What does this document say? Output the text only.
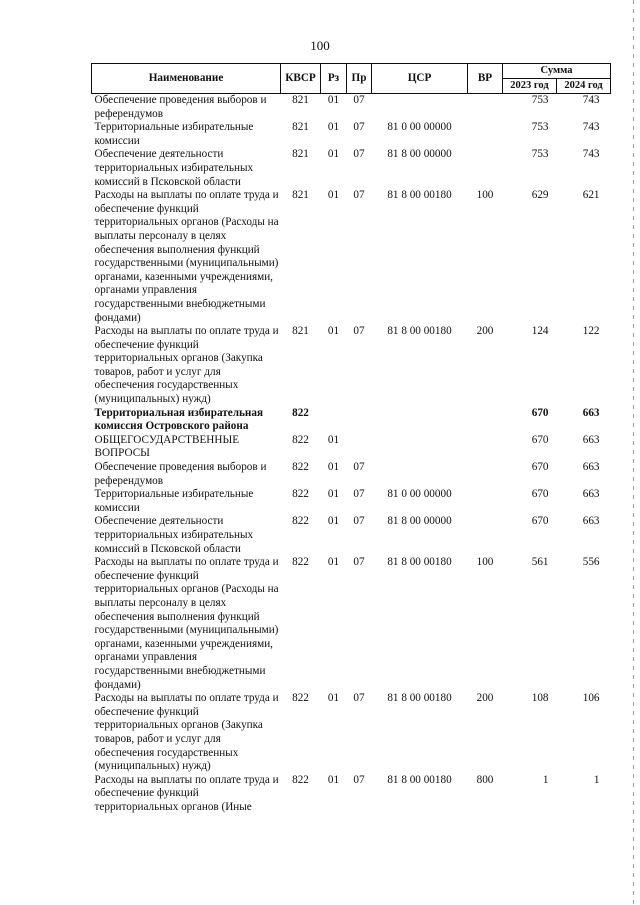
100
Наименование	КВСР	Рз	Пр	ЦСР	ВР	Сумма	
						2023 год	2024 год
Обеспечение проведения выборов и референдумов	821	01	07			753	743
Территориальные избирательные комиссии	821	01	07	81 0 00 00000		753	743
Обеспечение деятельности территориальных избирательных комиссий в Псковской области	821	01	07	81 8 00 00000		753	743
Расходы на выплаты по оплате труда и обеспечение функций территориальных органов (Расходы на выплаты персоналу в целях обеспечения выполнения функций государственными (муниципальными) органами, казенными учреждениями, органами управления государственными внебюджетными фондами)	821	01	07	81 8 00 00180	100	629	621
Расходы на выплаты по оплате труда и обеспечение функций территориальных органов (Закупка товаров, работ и услуг для обеспечения государственных (муниципальных) нужд)	821	01	07	81 8 00 00180	200	124	122
Территориальная избирательная комиссия Островского района	822					670	663
ОБЩЕГОСУДАРСТВЕННЫЕ ВОПРОСЫ	822	01				670	663
Обеспечение проведения выборов и референдумов	822	01	07			670	663
Территориальные избирательные комиссии	822	01	07	81 0 00 00000		670	663
Обеспечение деятельности территориальных избирательных комиссий в Псковской области	822	01	07	81 8 00 00000		670	663
Расходы на выплаты по оплате труда и обеспечение функций территориальных органов (Расходы на выплаты персоналу в целях обеспечения выполнения функций государственными (муниципальными) органами, казенными учреждениями, органами управления государственными внебюджетными фондами)	822	01	07	81 8 00 00180	100	561	556
Расходы на выплаты по оплате труда и обеспечение функций территориальных органов (Закупка товаров, работ и услуг для обеспечения государственных (муниципальных) нужд)	822	01	07	81 8 00 00180	200	108	106
Расходы на выплаты по оплате труда и обеспечение функций территориальных органов (Иные	822	01	07	81 8 00 00180	800	1	1
